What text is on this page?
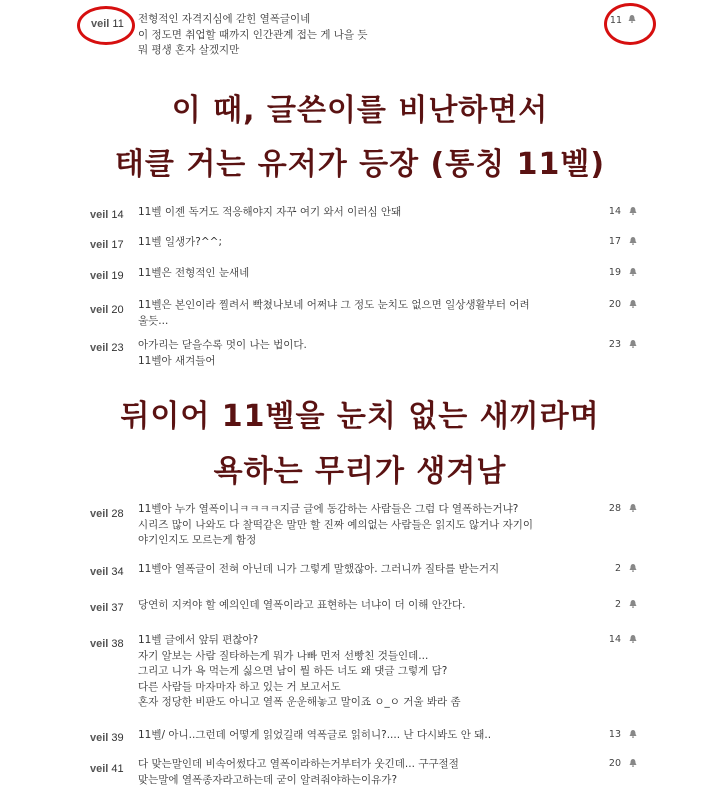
veil 11 전형적인 자격지심에 갇힌 열폭글이네
이 정도면 취업할 때까지 인간관계 접는 게 나을 듯
뭐 평생 혼자 살겠지만
11
이 때, 글쓴이를 비난하면서
태클 거는 유저가 등장 (통칭 11벨)
veil 14 11벨 이젠 독거도 적응해야지 자꾸 여기 와서 이러심 안돼	14
veil 17 11벨 일생가?^^;	17
veil 19 11벨은 전형적인 눈새네	19
veil 20 11벨은 본인이라 찔려서 빡쳤나보네 어쩌냐 그 정도 눈치도 없으면 일상생활부터 어려
울듯...
20
veil 23 아가리는 닫을수록 멋이 나는 법이다.
11벨아 새겨들어
23
뒤이어 11벨을 눈치 없는 새끼라며
욕하는 무리가 생겨남
veil 28 11벨아 누가 열폭이니ㅋㅋㅋㅋ지금 글에 동감하는 사람들은 그럼 다 열폭하는거냐?
시리즈 많이 나와도 다 찰떡같은 말만 할 진짜 예의없는 사람들은 읽지도 않거나 자기이
야기인지도 모르는게 함정
28
veil 34 11벨아 열폭글이 전혀 아닌데 니가 그렇게 말했잖아. 그러니까 질타를 받는거지	2
veil 37 당연히 지켜야 할 예의인데 열폭이라고 표현하는 너냐이 더 이해 안간다.	2
veil 38 11벨 글에서 앞뒤 편찮아?
자기 알보는 사람 질타하는게 뭐가 나빠 먼저 선빵친 것들인데...
그리고 니가 욕 먹는게 싫으면 남이 뭘 하든 너도 왜 댓글 그렇게 담?
다른 사람들 마자마자 하고 있는 거 보고서도
혼자 정당한 비판도 아니고 열폭 운운해놓고 말이죠 ㅇ_ㅇ 거울 봐라 좀
14
veil 39 11벨/ 아니..그런데 어떻게 읽었길래 역폭글로 읽히니?.... 난 다시봐도 안 돼..	13
veil 41 다 맞는말인데 비속어썼다고 열폭이라하는거부터가 웃긴데... 구구절절
맞는말에 열폭종자라고하는데 굳이 알려줘야하는이유가?
20
